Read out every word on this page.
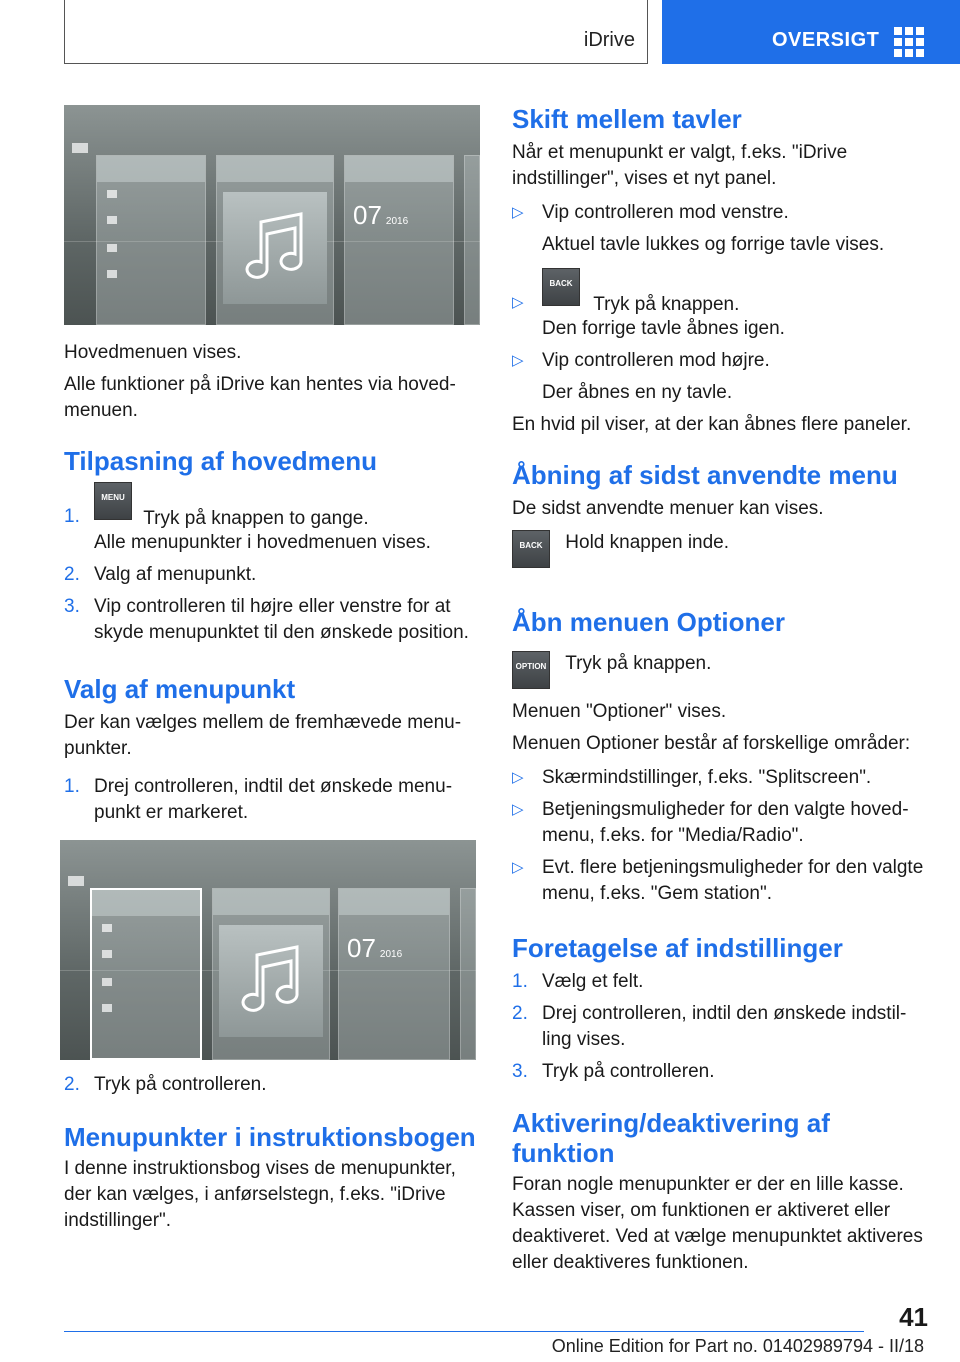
iDrive	OVERSIGT
07 2016

Hovedmenuen vises.

Alle funktioner på iDrive kan hentes via hovedmenuen.

Tilpasning af hovedmenu
1.
MENU
Tryk på knappen to gange.
Alle menupunkter i hovedmenuen vises.
2. Valg af menupunkt.
3. Vip controlleren til højre eller venstre for at skyde menupunktet til den ønskede position.
Valg af menupunkt

Der kan vælges mellem de fremhævede menupunkter.

1. Drej controlleren, indtil det ønskede menupunkt er markeret.
07 2016
2. Tryk på controlleren.
Menupunkter i instruktionsbogen

I denne instruktionsbog vises de menupunkter, der kan vælges, i anførselstegn, f.eks. "iDrive indstillinger".

Skift mellem tavler

Når et menupunkt er valgt, f.eks. "iDrive indstillinger", vises et nyt panel.

▷ Vip controlleren mod venstre.
Aktuel tavle lukkes og forrige tavle vises.
▷
BACK
Tryk på knappen.
Den forrige tavle åbnes igen.
▷ Vip controlleren mod højre.
Der åbnes en ny tavle.

En hvid pil viser, at der kan åbnes flere paneler.

Åbning af sidst anvendte menu

De sidst anvendte menuer kan vises.

BACK	Hold knappen inde.
Åbn menuen Optioner
OPTION Tryk på knappen.

Menuen "Optioner" vises.

Menuen Optioner består af forskellige områder:

▷ Skærmindstillinger, f.eks. "Splitscreen".
▷ Betjeningsmuligheder for den valgte hovedmenu, f.eks. for "Media/Radio".
▷ Evt. flere betjeningsmuligheder for den valgte menu, f.eks. "Gem station".
Foretagelse af indstillinger
1. Vælg et felt.
2. Drej controlleren, indtil den ønskede indstilling vises.
3. Tryk på controlleren.
Aktivering/deaktivering af funktion

Foran nogle menupunkter er der en lille kasse. Kassen viser, om funktionen er aktiveret eller deaktiveret. Ved at vælge menupunktet aktiveres eller deaktiveres funktionen.

41
Online Edition for Part no. 01402989794 - II/18
